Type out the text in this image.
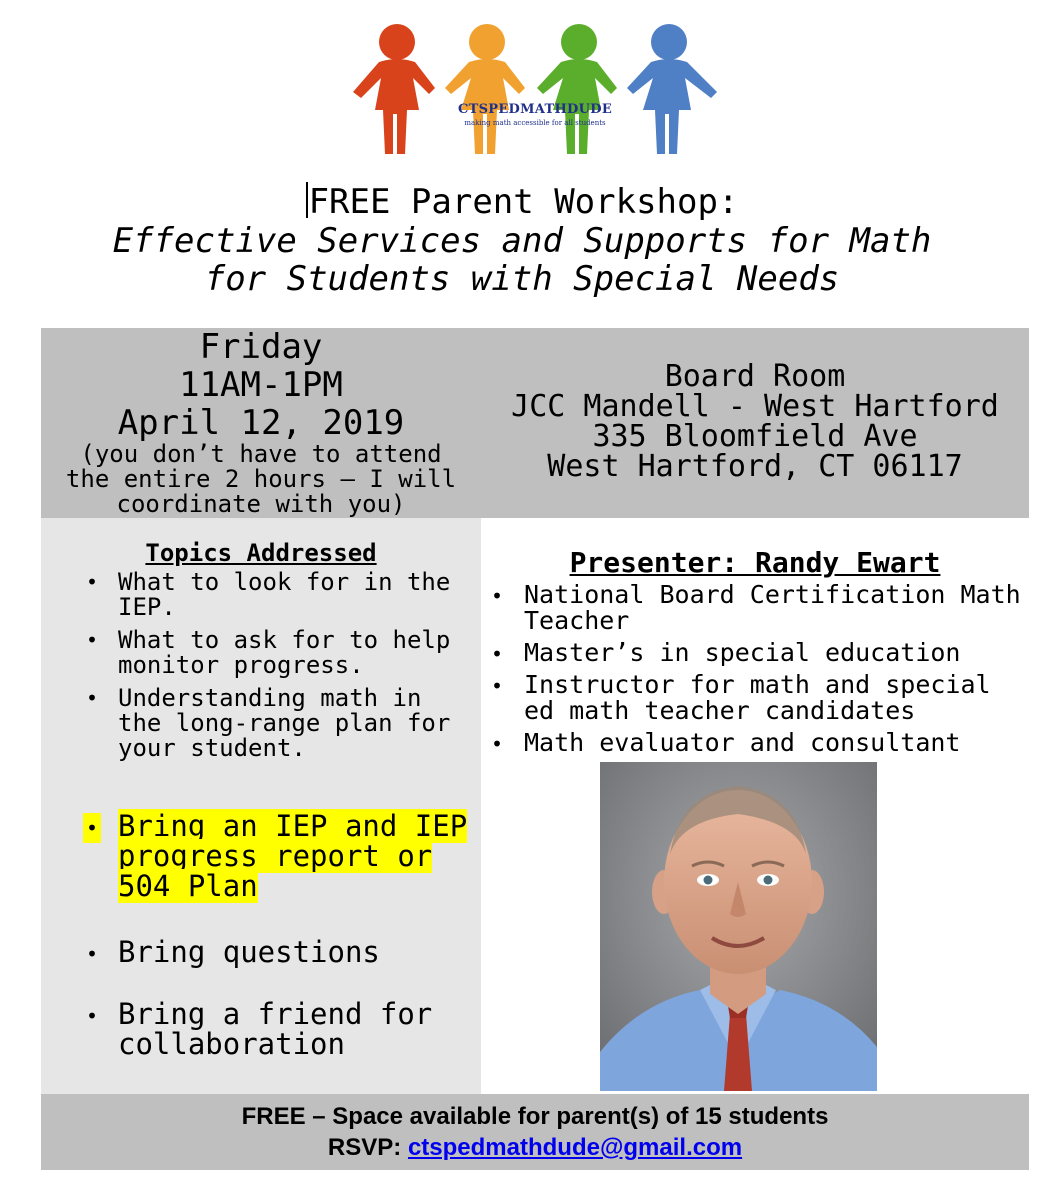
CTSPEDMATHDUDE
making math accessible for all students
FREE Parent Workshop:
Effective Services and Supports for Math
for Students with Special Needs
Friday
11AM-1PM
April 12, 2019
(you don’t have to attend the entire 2 hours – I will coordinate with you)
Board Room
JCC Mandell - West Hartford
335 Bloomfield Ave
West Hartford, CT 06117
Topics Addressed
• What to look for in the IEP.
• What to ask for to help monitor progress.
• Understanding math in the long-range plan for your student.
• Bring an IEP and IEP progress report or 504 Plan
• Bring questions
• Bring a friend for collaboration
Presenter: Randy Ewart
• National Board Certification Math Teacher
• Master’s in special education
• Instructor for math and special ed math teacher candidates
• Math evaluator and consultant
FREE – Space available for parent(s) of 15 students
RSVP: ctspedmathdude@gmail.com
